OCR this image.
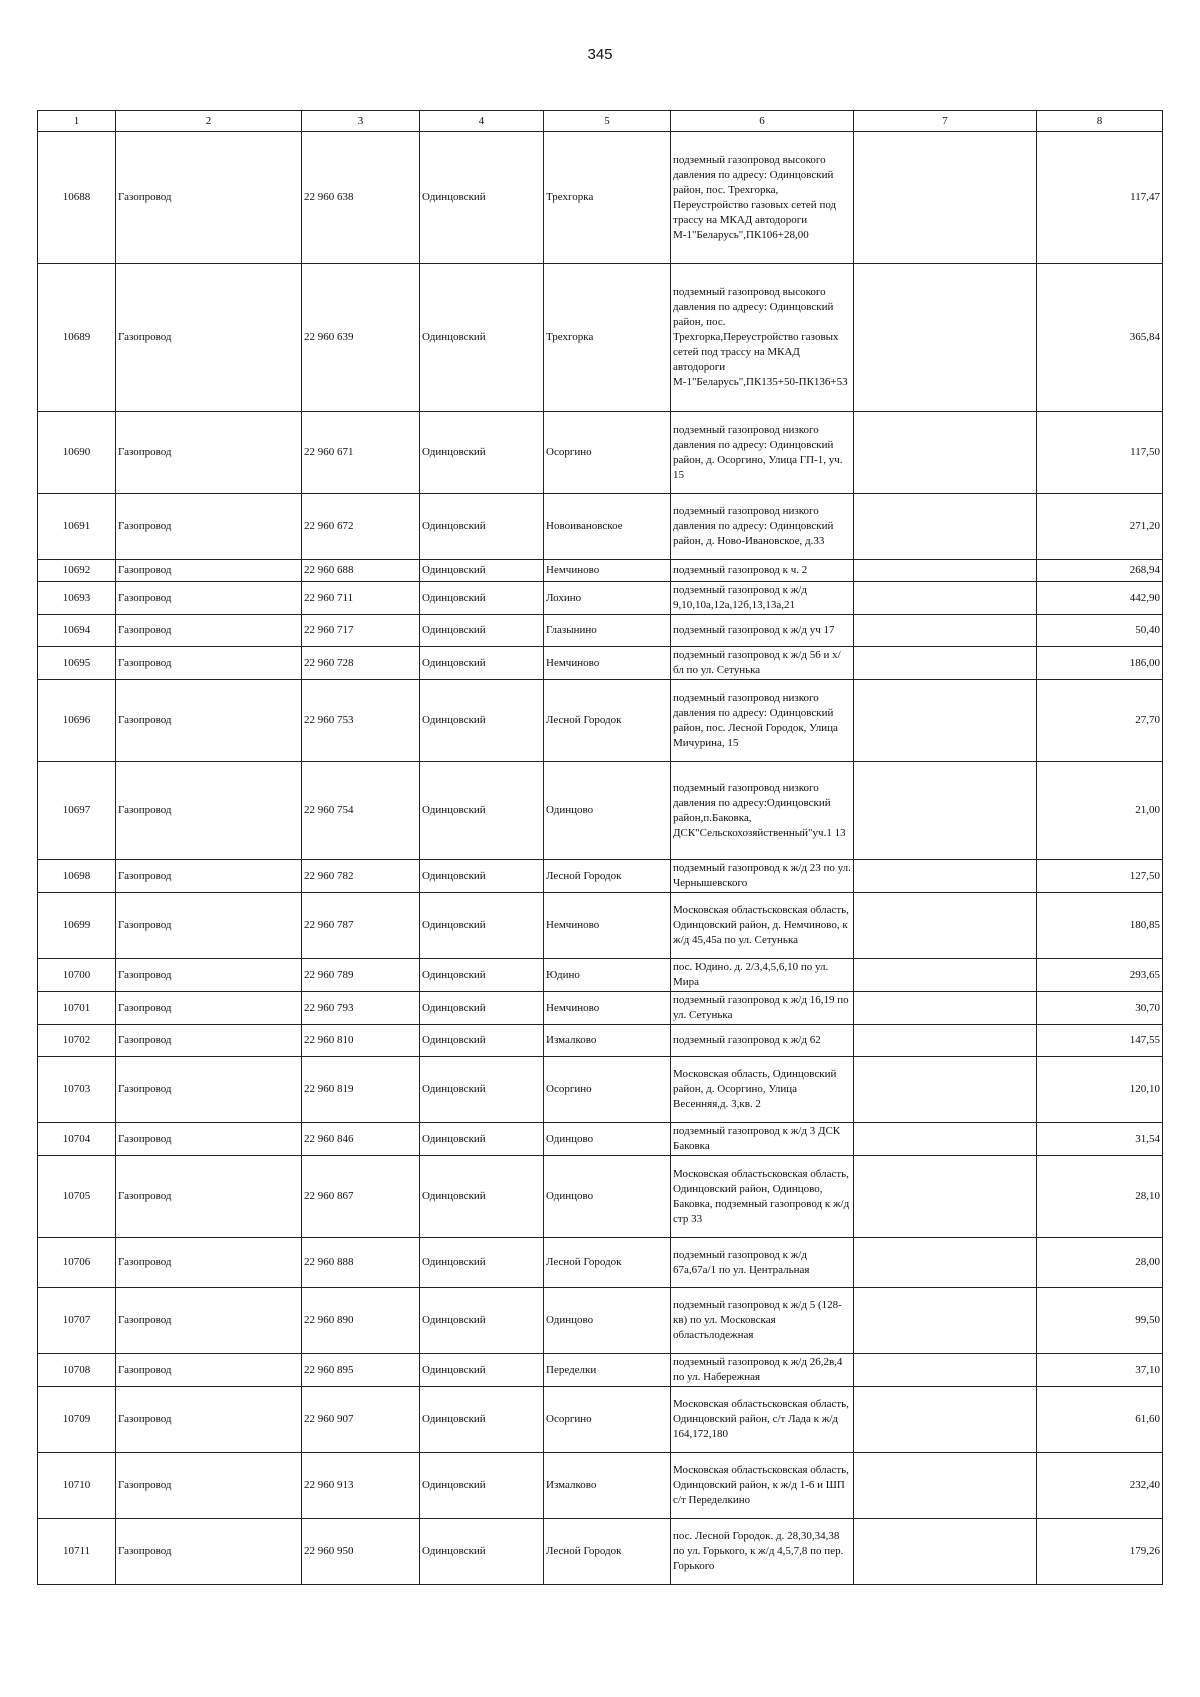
345
1	2	3	4	5	6	7	8
10688	Газопровод	22 960 638	Одинцовский	Трехгорка	подземный газопровод высокого давления по адресу: Одинцовский район, пос. Трехгорка, Переустройство газовых сетей под трассу на МКАД автодороги М-1"Беларусь",ПК106+28,00		117,47
10689	Газопровод	22 960 639	Одинцовский	Трехгорка	подземный газопровод высокого давления по адресу: Одинцовский район, пос. Трехгорка,Переустройство газовых сетей под трассу на МКАД автодороги М-1"Беларусь",ПК135+50-ПК136+53		365,84
10690	Газопровод	22 960 671	Одинцовский	Осоргино	подземный газопровод низкого давления по адресу: Одинцовский район, д. Осоргино, Улица ГП-1, уч. 15		117,50
10691	Газопровод	22 960 672	Одинцовский	Новоивановское	подземный газопровод низкого давления по адресу: Одинцовский район, д. Ново-Ивановское, д.33		271,20
10692	Газопровод	22 960 688	Одинцовский	Немчиново	подземный газопровод к ч. 2		268,94
10693	Газопровод	22 960 711	Одинцовский	Лохино	подземный газопровод к ж/д 9,10,10а,12а,12б,13,13а,21		442,90
10694	Газопровод	22 960 717	Одинцовский	Глазынино	подземный газопровод к ж/д уч 17		50,40
10695	Газопровод	22 960 728	Одинцовский	Немчиново	подземный газопровод к ж/д 56 и х/бл по ул. Сетунька		186,00
10696	Газопровод	22 960 753	Одинцовский	Лесной Городок	подземный газопровод низкого давления по адресу: Одинцовский район, пос. Лесной Городок, Улица Мичурина, 15		27,70
10697	Газопровод	22 960 754	Одинцовский	Одинцово	подземный газопровод низкого давления по адресу:Одинцовский район,п.Баковка, ДСК"Сельскохозяйственный"уч.1 13		21,00
10698	Газопровод	22 960 782	Одинцовский	Лесной Городок	подземный газопровод к ж/д 23 по ул. Чернышевского		127,50
10699	Газопровод	22 960 787	Одинцовский	Немчиново	Московская областьсковская область, Одинцовский район, д. Немчиново, к ж/д 45,45а по ул. Сетунька		180,85
10700	Газопровод	22 960 789	Одинцовский	Юдино	пос. Юдино. д. 2/3,4,5,6,10 по ул. Мира		293,65
10701	Газопровод	22 960 793	Одинцовский	Немчиново	подземный газопровод к ж/д 16,19 по ул. Сетунька		30,70
10702	Газопровод	22 960 810	Одинцовский	Измалково	подземный газопровод к ж/д 62		147,55
10703	Газопровод	22 960 819	Одинцовский	Осоргино	Московская область, Одинцовский район, д. Осоргино, Улица Весенняя,д. 3,кв. 2		120,10
10704	Газопровод	22 960 846	Одинцовский	Одинцово	подземный газопровод к ж/д 3 ДСК Баковка		31,54
10705	Газопровод	22 960 867	Одинцовский	Одинцово	Московская областьсковская область, Одинцовский район, Одинцово, Баковка, подземный газопровод к ж/д стр 33		28,10
10706	Газопровод	22 960 888	Одинцовский	Лесной Городок	подземный газопровод к ж/д 67а,67а/1 по ул. Центральная		28,00
10707	Газопровод	22 960 890	Одинцовский	Одинцово	подземный газопровод к ж/д 5 (128-кв) по ул. Московская областьлодежная		99,50
10708	Газопровод	22 960 895	Одинцовский	Переделки	подземный газопровод к ж/д 26,2в,4 по ул. Набережная		37,10
10709	Газопровод	22 960 907	Одинцовский	Осоргино	Московская областьсковская область, Одинцовский район, с/т Лада к ж/д 164,172,180		61,60
10710	Газопровод	22 960 913	Одинцовский	Измалково	Московская областьсковская область, Одинцовский район, к ж/д 1-6 и ШП с/т Переделкино		232,40
10711	Газопровод	22 960 950	Одинцовский	Лесной Городок	пос. Лесной Городок. д. 28,30,34,38 по ул. Горького, к ж/д 4,5,7,8 по пер. Горького		179,26
